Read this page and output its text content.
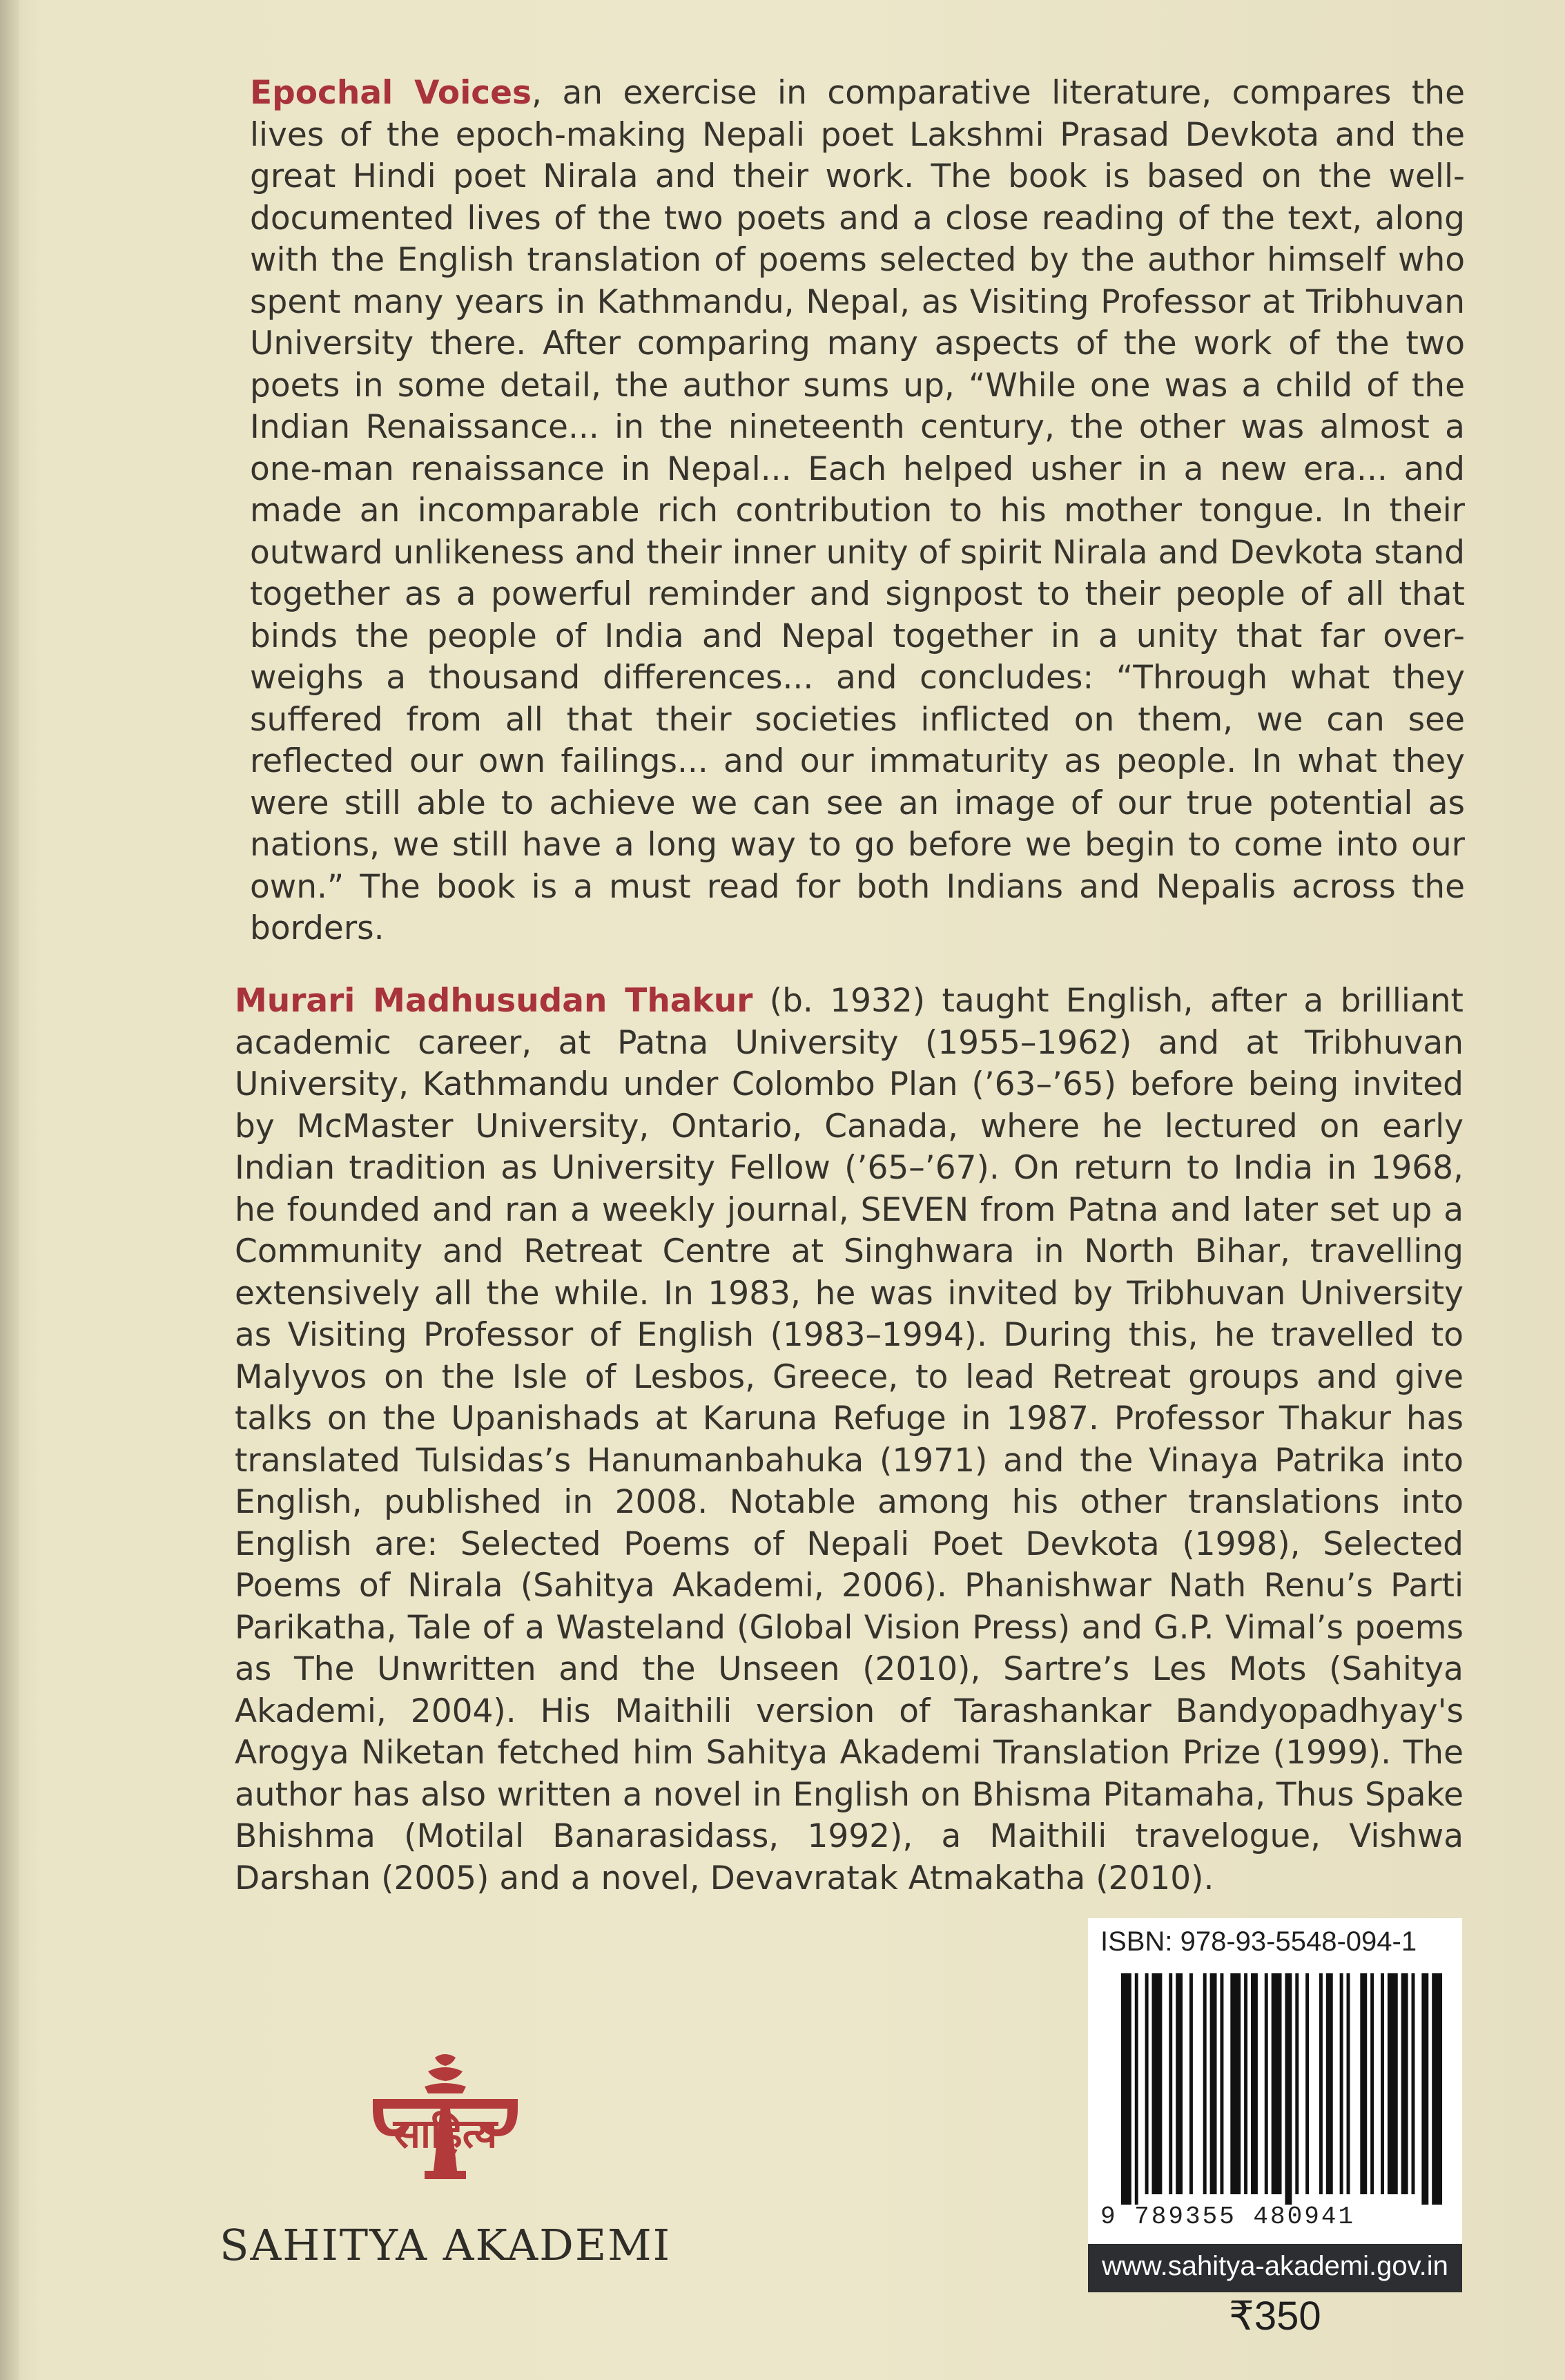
Epochal Voices, an exercise in comparative literature, compares the lives of the epoch-making Nepali poet Lakshmi Prasad Devkota and the great Hindi poet Nirala and their work. The book is based on the well-documented lives of the two poets and a close reading of the text, along with the English translation of poems selected by the author himself who spent many years in Kathmandu, Nepal, as Visiting Professor at Tribhuvan University there. After comparing many aspects of the work of the two poets in some detail, the author sums up, “While one was a child of the Indian Renaissance... in the nineteenth century, the other was almost a one-man renaissance in Nepal... Each helped usher in a new era... and made an incomparable rich contribution to his mother tongue. In their outward unlikeness and their inner unity of spirit Nirala and Devkota stand together as a powerful reminder and signpost to their people of all that binds the people of India and Nepal together in a unity that far over-weighs a thousand differences... and concludes: “Through what they suffered from all that their societies inflicted on them, we can see reflected our own failings... and our immaturity as people. In what they were still able to achieve we can see an image of our true potential as nations, we still have a long way to go before we begin to come into our own.” The book is a must read for both Indians and Nepalis across the borders.

Murari Madhusudan Thakur (b. 1932) taught English, after a brilliant academic career, at Patna University (1955–1962) and at Tribhuvan University, Kathmandu under Colombo Plan (’63–’65) before being invited by McMaster University, Ontario, Canada, where he lectured on early Indian tradition as University Fellow (’65–’67). On return to India in 1968, he founded and ran a weekly journal, SEVEN from Patna and later set up a Community and Retreat Centre at Singhwara in North Bihar, travelling extensively all the while. In 1983, he was invited by Tribhuvan University as Visiting Professor of English (1983–1994). During this, he travelled to Malyvos on the Isle of Lesbos, Greece, to lead Retreat groups and give talks on the Upanishads at Karuna Refuge in 1987. Professor Thakur has translated Tulsidas’s Hanumanbahuka (1971) and the Vinaya Patrika into English, published in 2008. Notable among his other translations into English are: Selected Poems of Nepali Poet Devkota (1998), Selected Poems of Nirala (Sahitya Akademi, 2006). Phanishwar Nath Renu’s Parti Parikatha, Tale of a Wasteland (Global Vision Press) and G.P. Vimal’s poems as The Unwritten and the Unseen (2010), Sartre’s Les Mots (Sahitya Akademi, 2004). His Maithili version of Tarashankar Bandyopadhyay's Arogya Niketan fetched him Sahitya Akademi Translation Prize (1999). The author has also written a novel in English on Bhisma Pitamaha, Thus Spake Bhishma (Motilal Banarasidass, 1992), a Maithili travelogue, Vishwa Darshan (2005) and a novel, Devavratak Atmakatha (2010).

साहित्य

SAHITYA AKADEMI

ISBN: 978-93-5548-094-1
9 789355 480941
www.sahitya-akademi.gov.in
₹350
